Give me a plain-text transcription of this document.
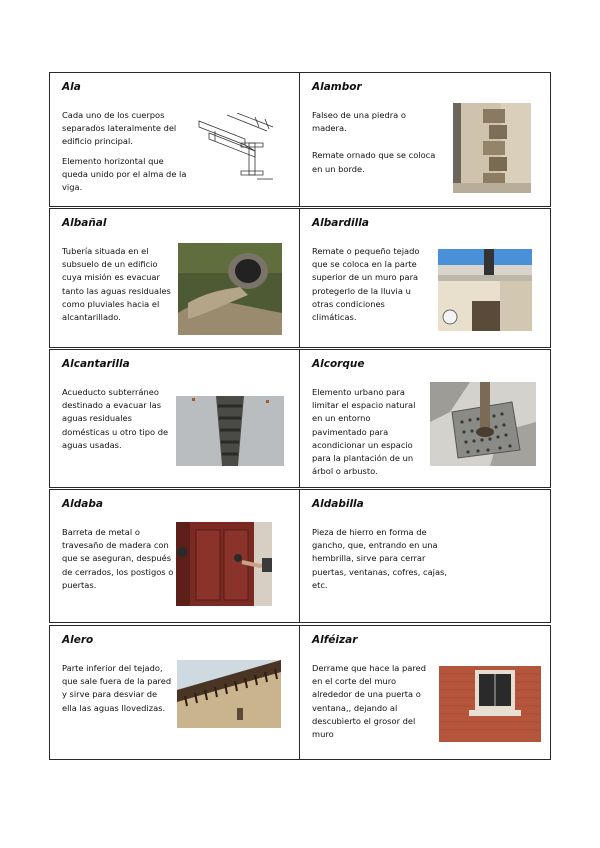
Ala

Cada uno de los cuerpos separados lateralmente del edificio principal.

Elemento horizontal que queda unido por el alma de la viga.

Alambor

Falseo de una piedra o madera.

Remate ornado que se coloca en un borde.

Albañal

Tubería situada en el subsuelo de un edificio cuya misión es evacuar tanto las aguas residuales como pluviales hacia el alcantarillado.

Albardilla

Remate o pequeño tejado que se coloca en la parte superior de un muro para protegerlo de la lluvia u otras condiciones climáticas.

Alcantarilla

Acueducto subterráneo destinado a evacuar las aguas residuales domésticas u otro tipo de aguas usadas.

Alcorque

Elemento urbano para limitar el espacio natural en un entorno pavimentado para acondicionar un espacio para la plantación de un árbol o arbusto.

Aldaba

Barreta de metal o travesaño de madera con que se aseguran, después de cerrados, los postigos o puertas.

Aldabilla

Pieza de hierro en forma de gancho, que, entrando en una hembrilla, sirve para cerrar puertas, ventanas, cofres, cajas, etc.

Alero

Parte inferior del tejado, que sale fuera de la pared y sirve para desviar de ella las aguas llovedizas.

Alféizar

Derrame que hace la pared en el corte del muro alrededor de una puerta o ventana,, dejando al descubierto el grosor del muro
